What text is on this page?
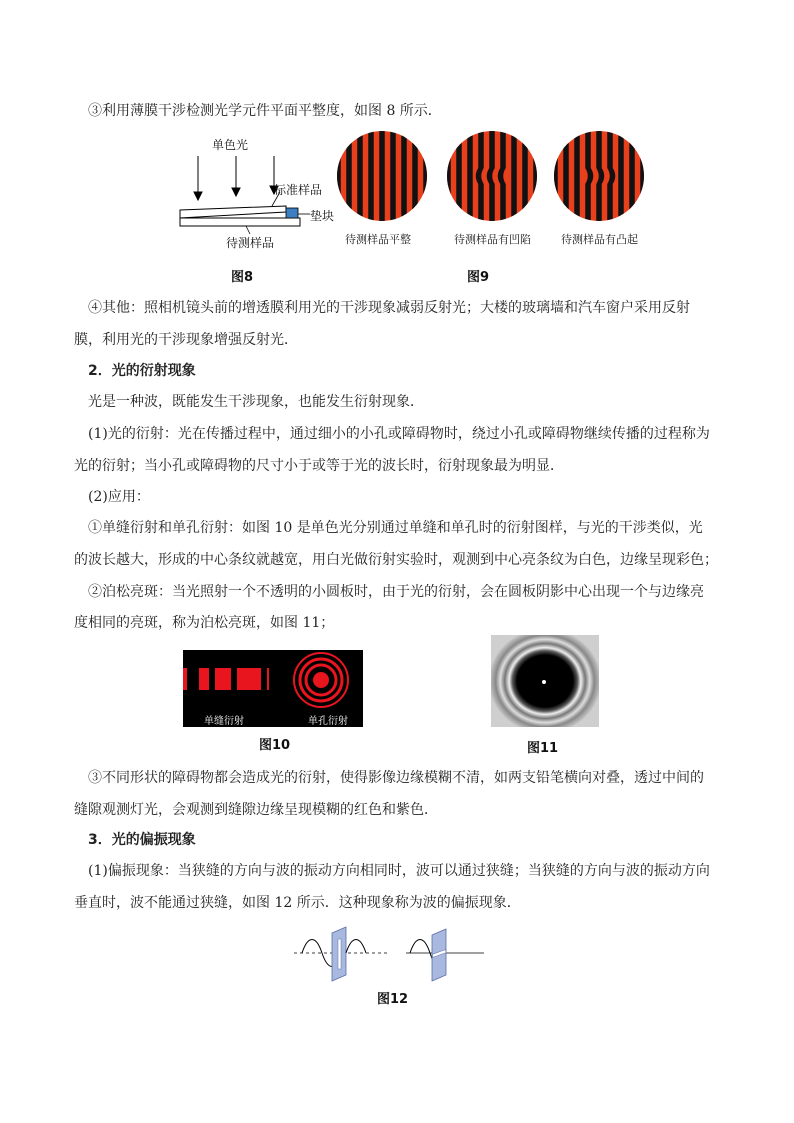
③利用薄膜干涉检测光学元件平面平整度，如图 8 所示．
单色光
标准样品
垫块
待测样品
图8
待测样品平整	待测样品有凹陷	待测样品有凸起
图9
④其他：照相机镜头前的增透膜利用光的干涉现象减弱反射光；大楼的玻璃墙和汽车窗户采用反射
膜，利用光的干涉现象增强反射光．
2．光的衍射现象
光是一种波，既能发生干涉现象，也能发生衍射现象．
(1)光的衍射：光在传播过程中，通过细小的小孔或障碍物时，绕过小孔或障碍物继续传播的过程称为
光的衍射；当小孔或障碍物的尺寸小于或等于光的波长时，衍射现象最为明显．
(2)应用：
①单缝衍射和单孔衍射：如图 10 是单色光分别通过单缝和单孔时的衍射图样，与光的干涉类似，光
的波长越大，形成的中心条纹就越宽，用白光做衍射实验时，观测到中心亮条纹为白色，边缘呈现彩色；
②泊松亮斑：当光照射一个不透明的小圆板时，由于光的衍射，会在圆板阴影中心出现一个与边缘亮
度相同的亮斑，称为泊松亮斑，如图 11；
单缝衍射	单孔衍射
图10	图11
③不同形状的障碍物都会造成光的衍射，使得影像边缘模糊不清，如两支铅笔横向对叠，透过中间的
缝隙观测灯光，会观测到缝隙边缘呈现模糊的红色和紫色．
3．光的偏振现象
(1)偏振现象：当狭缝的方向与波的振动方向相同时，波可以通过狭缝；当狭缝的方向与波的振动方向
垂直时，波不能通过狭缝，如图 12 所示．这种现象称为波的偏振现象．
图12
